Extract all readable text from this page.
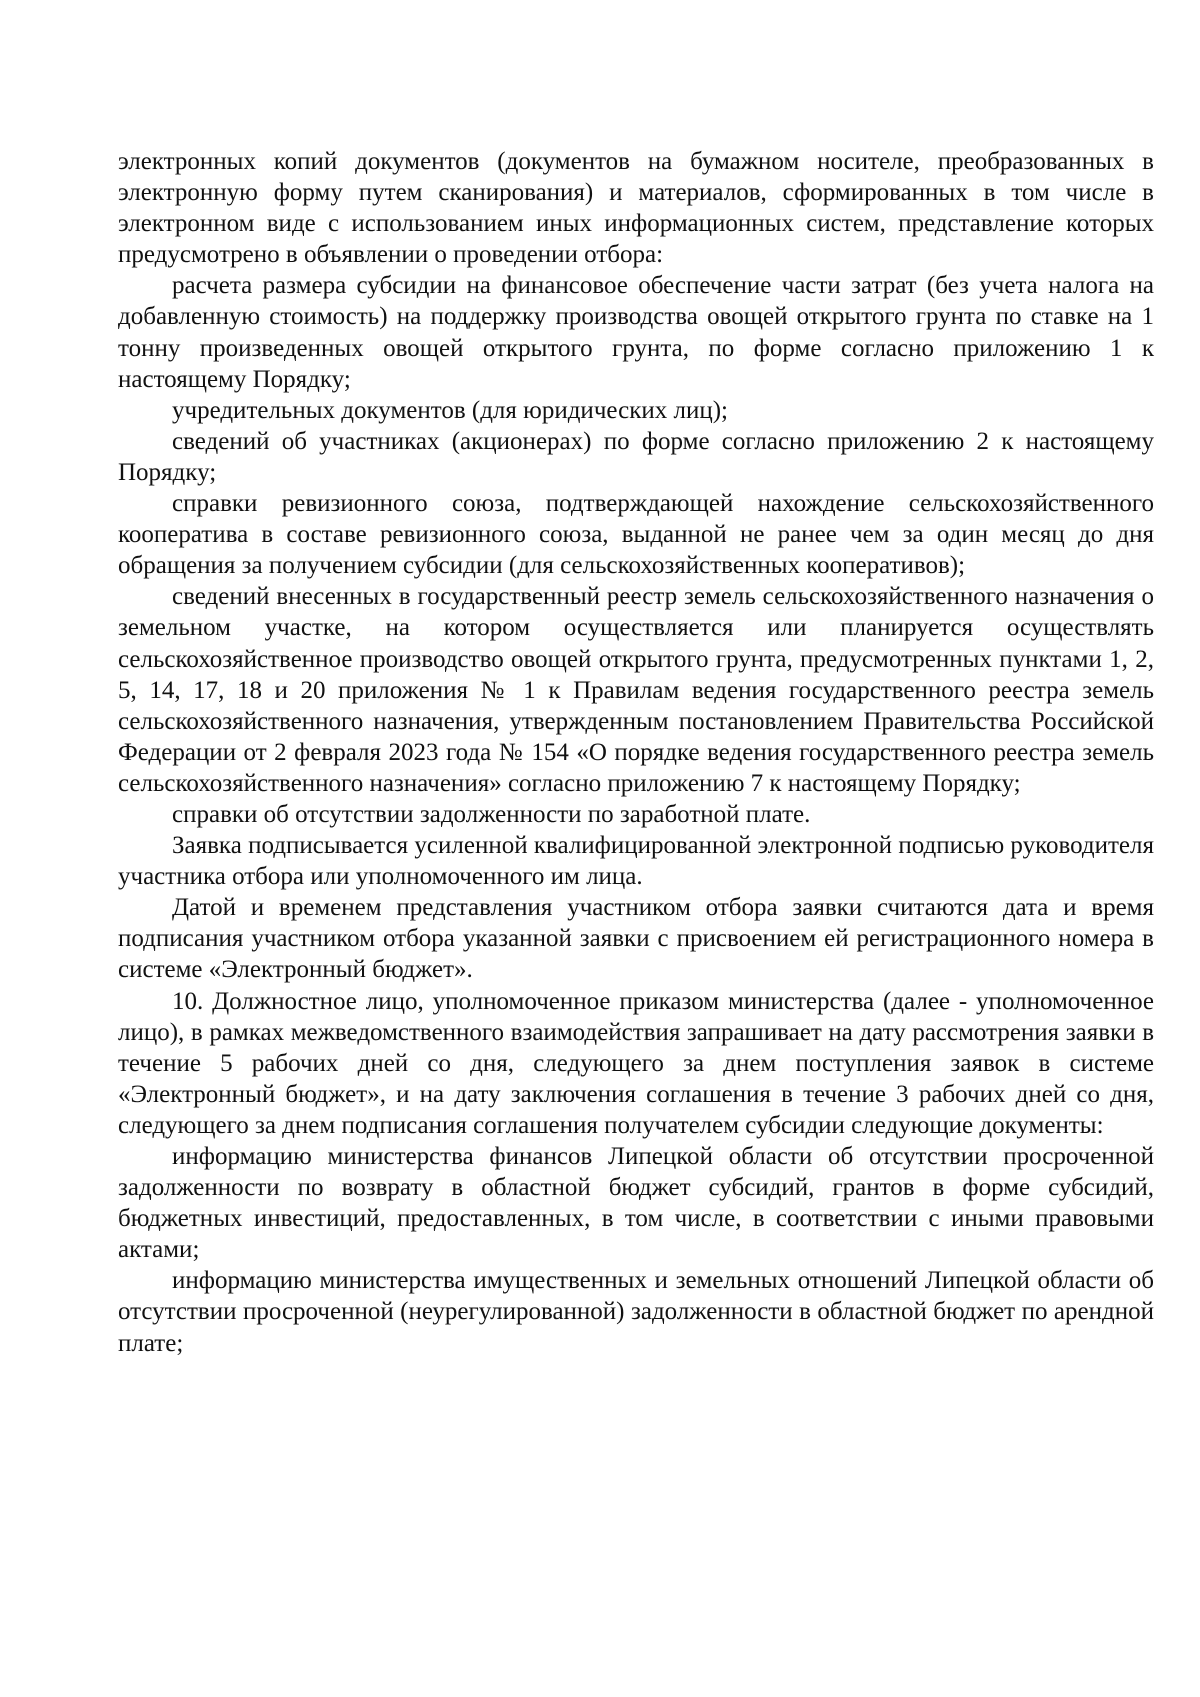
электронных копий документов (документов на бумажном носителе, преобразованных в электронную форму путем сканирования) и материалов, сформированных в том числе в электронном виде с использованием иных информационных систем, представление которых предусмотрено в объявлении о проведении отбора:

расчета размера субсидии на финансовое обеспечение части затрат (без учета налога на добавленную стоимость) на поддержку производства овощей открытого грунта по ставке на 1 тонну произведенных овощей открытого грунта, по форме согласно приложению 1 к настоящему Порядку;

учредительных документов (для юридических лиц);

сведений об участниках (акционерах) по форме согласно приложению 2 к настоящему Порядку;

справки ревизионного союза, подтверждающей нахождение сельскохозяйственного кооператива в составе ревизионного союза, выданной не ранее чем за один месяц до дня обращения за получением субсидии (для сельскохозяйственных кооперативов);

сведений внесенных в государственный реестр земель сельскохозяйственного назначения о земельном участке, на котором осуществляется или планируется осуществлять сельскохозяйственное производство овощей открытого грунта, предусмотренных пунктами 1, 2, 5, 14, 17, 18 и 20 приложения № 1 к Правилам ведения государственного реестра земель сельскохозяйственного назначения, утвержденным постановлением Правительства Российской Федерации от 2 февраля 2023 года № 154 «О порядке ведения государственного реестра земель сельскохозяйственного назначения» согласно приложению 7 к настоящему Порядку;

справки об отсутствии задолженности по заработной плате.

Заявка подписывается усиленной квалифицированной электронной подписью руководителя участника отбора или уполномоченного им лица.

Датой и временем представления участником отбора заявки считаются дата и время подписания участником отбора указанной заявки с присвоением ей регистрационного номера в системе «Электронный бюджет».

10. Должностное лицо, уполномоченное приказом министерства (далее - уполномоченное лицо), в рамках межведомственного взаимодействия запрашивает на дату рассмотрения заявки в течение 5 рабочих дней со дня, следующего за днем поступления заявок в системе «Электронный бюджет», и на дату заключения соглашения в течение 3 рабочих дней со дня, следующего за днем подписания соглашения получателем субсидии следующие документы:

информацию министерства финансов Липецкой области об отсутствии просроченной задолженности по возврату в областной бюджет субсидий, грантов в форме субсидий, бюджетных инвестиций, предоставленных, в том числе, в соответствии с иными правовыми актами;

информацию министерства имущественных и земельных отношений Липецкой области об отсутствии просроченной (неурегулированной) задолженности в областной бюджет по арендной плате;
